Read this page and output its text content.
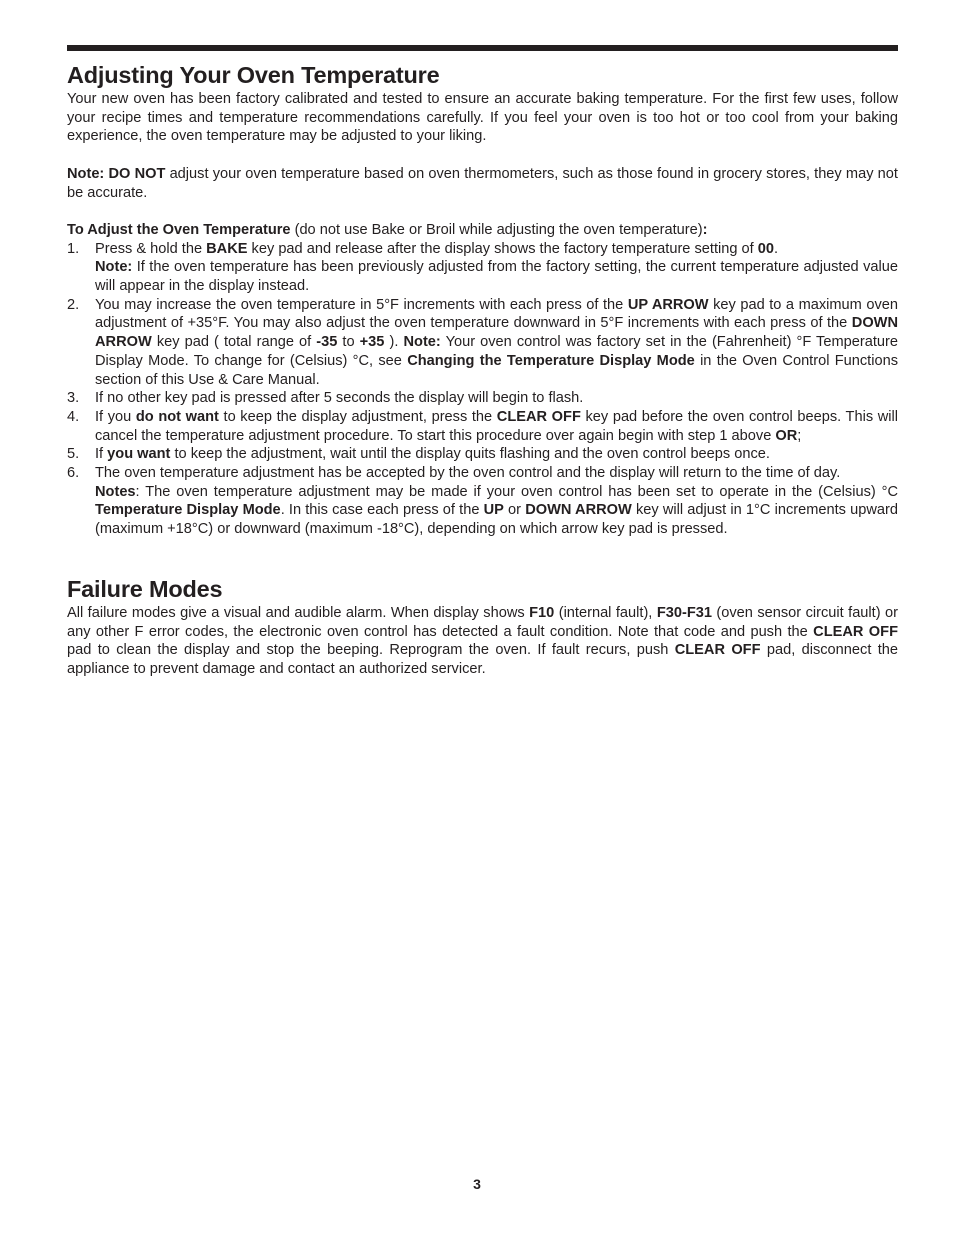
Adjusting Your Oven Temperature

Your new oven has been factory calibrated and tested to ensure an accurate baking temperature. For the first few uses, follow your recipe times and temperature recommendations carefully. If you feel your oven is too hot or too cool from your baking experience, the oven temperature may be adjusted to your liking.

Note: DO NOT adjust your oven temperature based on oven thermometers, such as those found in grocery stores, they may not be accurate.

To Adjust the Oven Temperature (do not use Bake or Broil while adjusting the oven temperature):

1. Press & hold the BAKE key pad and release after the display shows the factory temperature setting of 00.
Note: If the oven temperature has been previously adjusted from the factory setting, the current temperature adjusted value will appear in the display instead.
2. You may increase the oven temperature in 5°F increments with each press of the UP ARROW key pad to a maximum oven adjustment of +35°F. You may also adjust the oven temperature downward in 5°F increments with each press of the DOWN ARROW key pad ( total range of -35 to +35 ). Note: Your oven control was factory set in the (Fahrenheit) °F Temperature Display Mode. To change for (Celsius) °C, see Changing the Temperature Display Mode in the Oven Control Functions section of this Use & Care Manual.
3. If no other key pad is pressed after 5 seconds the display will begin to flash.
4. If you do not want to keep the display adjustment, press the CLEAR OFF key pad before the oven control beeps. This will cancel the temperature adjustment procedure. To start this procedure over again begin with step 1 above OR;
5. If you want to keep the adjustment, wait until the display quits flashing and the oven control beeps once.
6. The oven temperature adjustment has be accepted by the oven control and the display will return to the time of day.
Notes: The oven temperature adjustment may be made if your oven control has been set to operate in the (Celsius) °C Temperature Display Mode. In this case each press of the UP or DOWN ARROW key will adjust in 1°C increments upward (maximum +18°C) or downward (maximum -18°C), depending on which arrow key pad is pressed.
Failure Modes

All failure modes give a visual and audible alarm. When display shows F10 (internal fault), F30-F31 (oven sensor circuit fault) or any other F error codes, the electronic oven control has detected a fault condition. Note that code and push the CLEAR OFF pad to clean the display and stop the beeping. Reprogram the oven. If fault recurs, push CLEAR OFF pad, disconnect the appliance to prevent damage and contact an authorized servicer.

3
